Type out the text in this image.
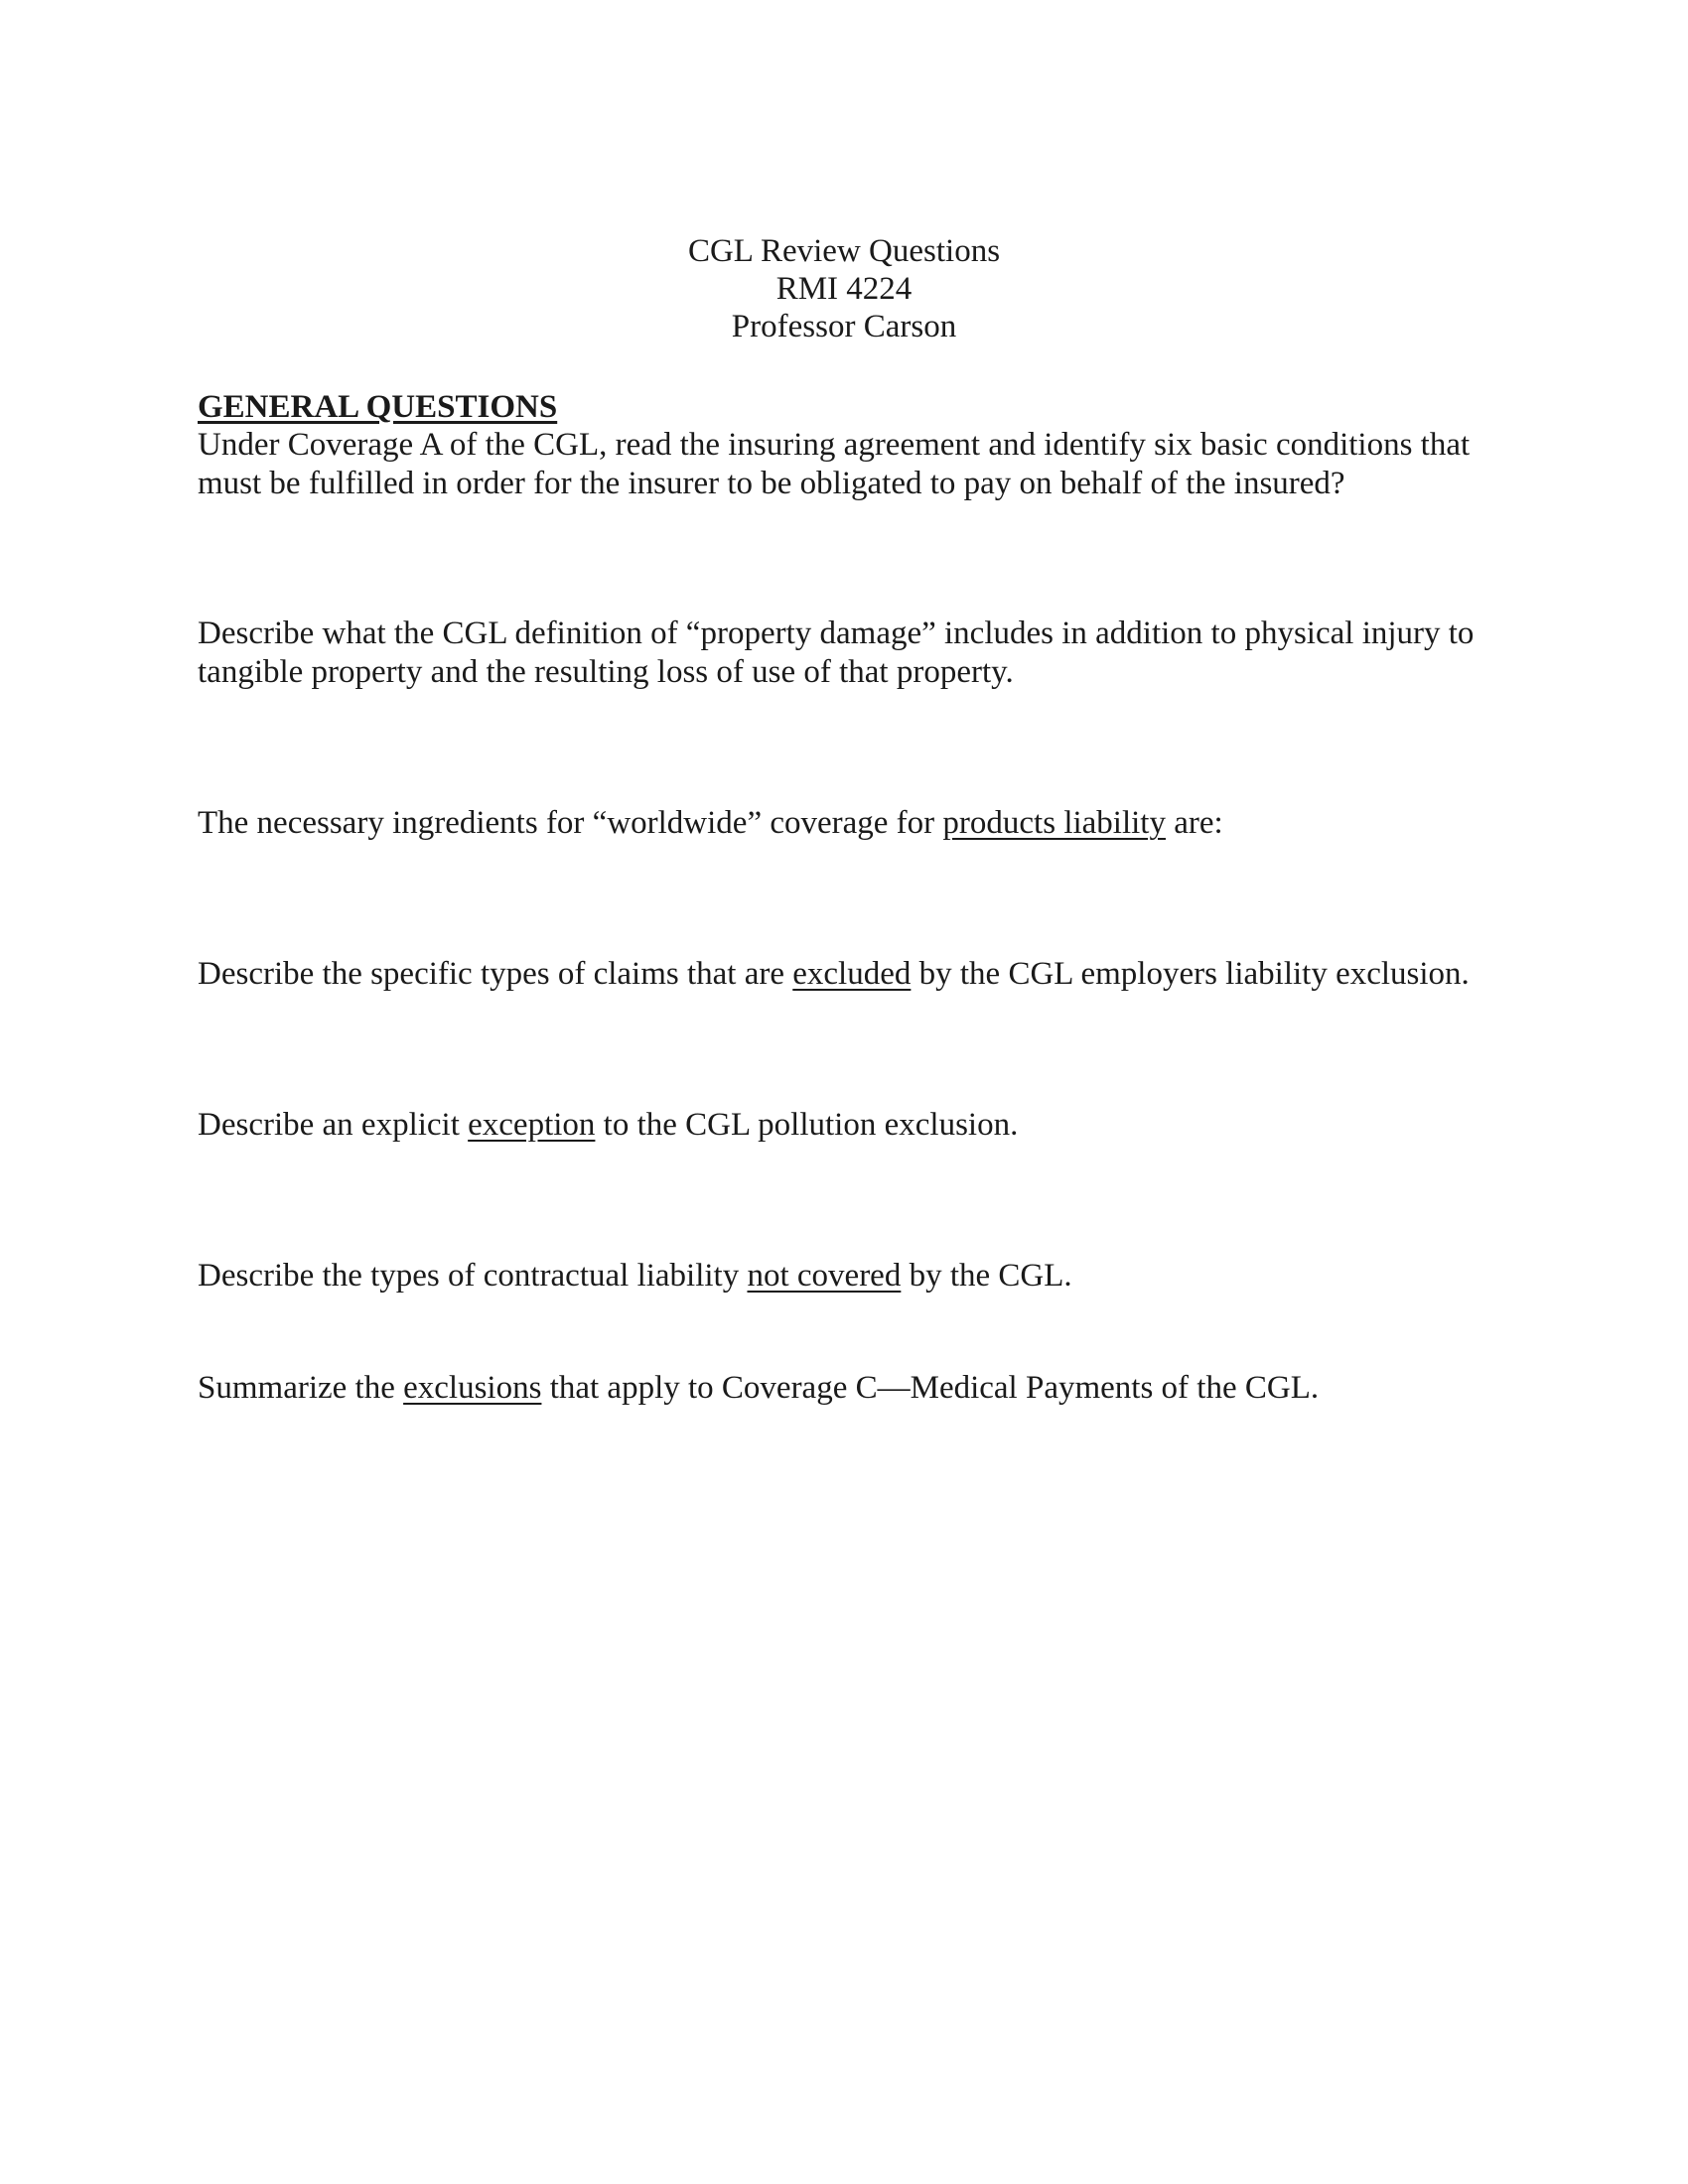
CGL Review Questions
RMI 4224
Professor Carson
GENERAL QUESTIONS
Under Coverage A of the CGL, read the insuring agreement and identify six basic conditions that
must be fulfilled in order for the insurer to be obligated to pay on behalf of the insured?
Describe what the CGL definition of “property damage” includes in addition to physical injury to
tangible property and the resulting loss of use of that property.
The necessary ingredients for “worldwide” coverage for products liability are:
Describe the specific types of claims that are excluded by the CGL employers liability exclusion.
Describe an explicit exception to the CGL pollution exclusion.
Describe the types of contractual liability not covered by the CGL.
Summarize the exclusions that apply to Coverage C—Medical Payments of the CGL.
